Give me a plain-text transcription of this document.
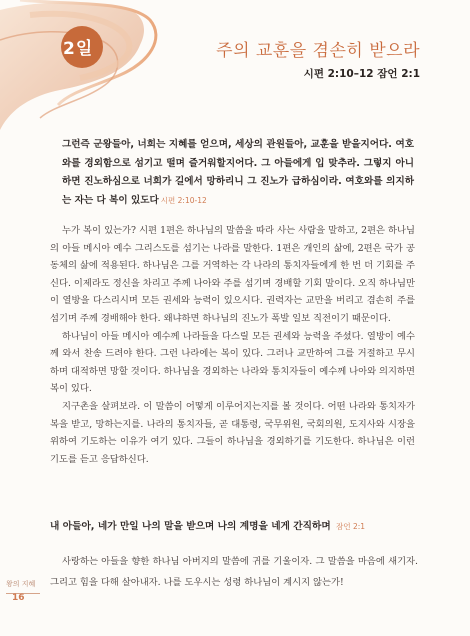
2일	주의 교훈을 겸손히 받으라
시편 2:10–12 잠언 2:1
그런즉 군왕들아, 너희는 지혜를 얻으며, 세상의 관원들아, 교훈을 받을지어다. 여호와를 경외함으로 섬기고 떨며 즐거워할지어다. 그 아들에게 입 맞추라. 그렇지 아니하면 진노하심으로 너희가 길에서 망하리니 그 진노가 급하심이라. 여호와를 의지하는 자는 다 복이 있도다 시편 2:10-12

누가 복이 있는가? 시편 1편은 하나님의 말씀을 따라 사는 사람을 말하고, 2편은 하나님의 아들 메시아 예수 그리스도를 섬기는 나라를 말한다. 1편은 개인의 삶에, 2편은 국가 공동체의 삶에 적용된다. 하나님은 그를 거역하는 각 나라의 통치자들에게 한 번 더 기회를 주신다. 이제라도 정신을 차리고 주께 나아와 주를 섬기며 경배할 기회 말이다. 오직 하나님만이 열방을 다스리시며 모든 권세와 능력이 있으시다. 권력자는 교만을 버리고 겸손히 주를 섬기며 주께 경배해야 한다. 왜냐하면 하나님의 진노가 폭발 일보 직전이기 때문이다.

하나님이 아들 메시아 예수께 나라들을 다스릴 모든 권세와 능력을 주셨다. 열방이 예수께 와서 찬송 드려야 한다. 그런 나라에는 복이 있다. 그러나 교만하여 그를 거절하고 무시하며 대적하면 망할 것이다. 하나님을 경외하는 나라와 통치자들이 예수께 나아와 의지하면 복이 있다.

지구촌을 살펴보라. 이 말씀이 어떻게 이루어지는지를 볼 것이다. 어떤 나라와 통치자가 복을 받고, 망하는지를. 나라의 통치자들, 곧 대통령, 국무위원, 국회의원, 도지사와 시장을 위하여 기도하는 이유가 여기 있다. 그들이 하나님을 경외하기를 기도한다. 하나님은 이런 기도를 듣고 응답하신다.

내 아들아, 네가 만일 나의 말을 받으며 나의 계명을 네게 간직하며 잠언 2:1
사랑하는 아들을 향한 하나님 아버지의 말씀에 귀를 기울이자. 그 말씀을 마음에 새기자. 그리고 힘을 다해 살아내자. 나를 도우시는 성령 하나님이 계시지 않는가!
왕의 지혜
16
